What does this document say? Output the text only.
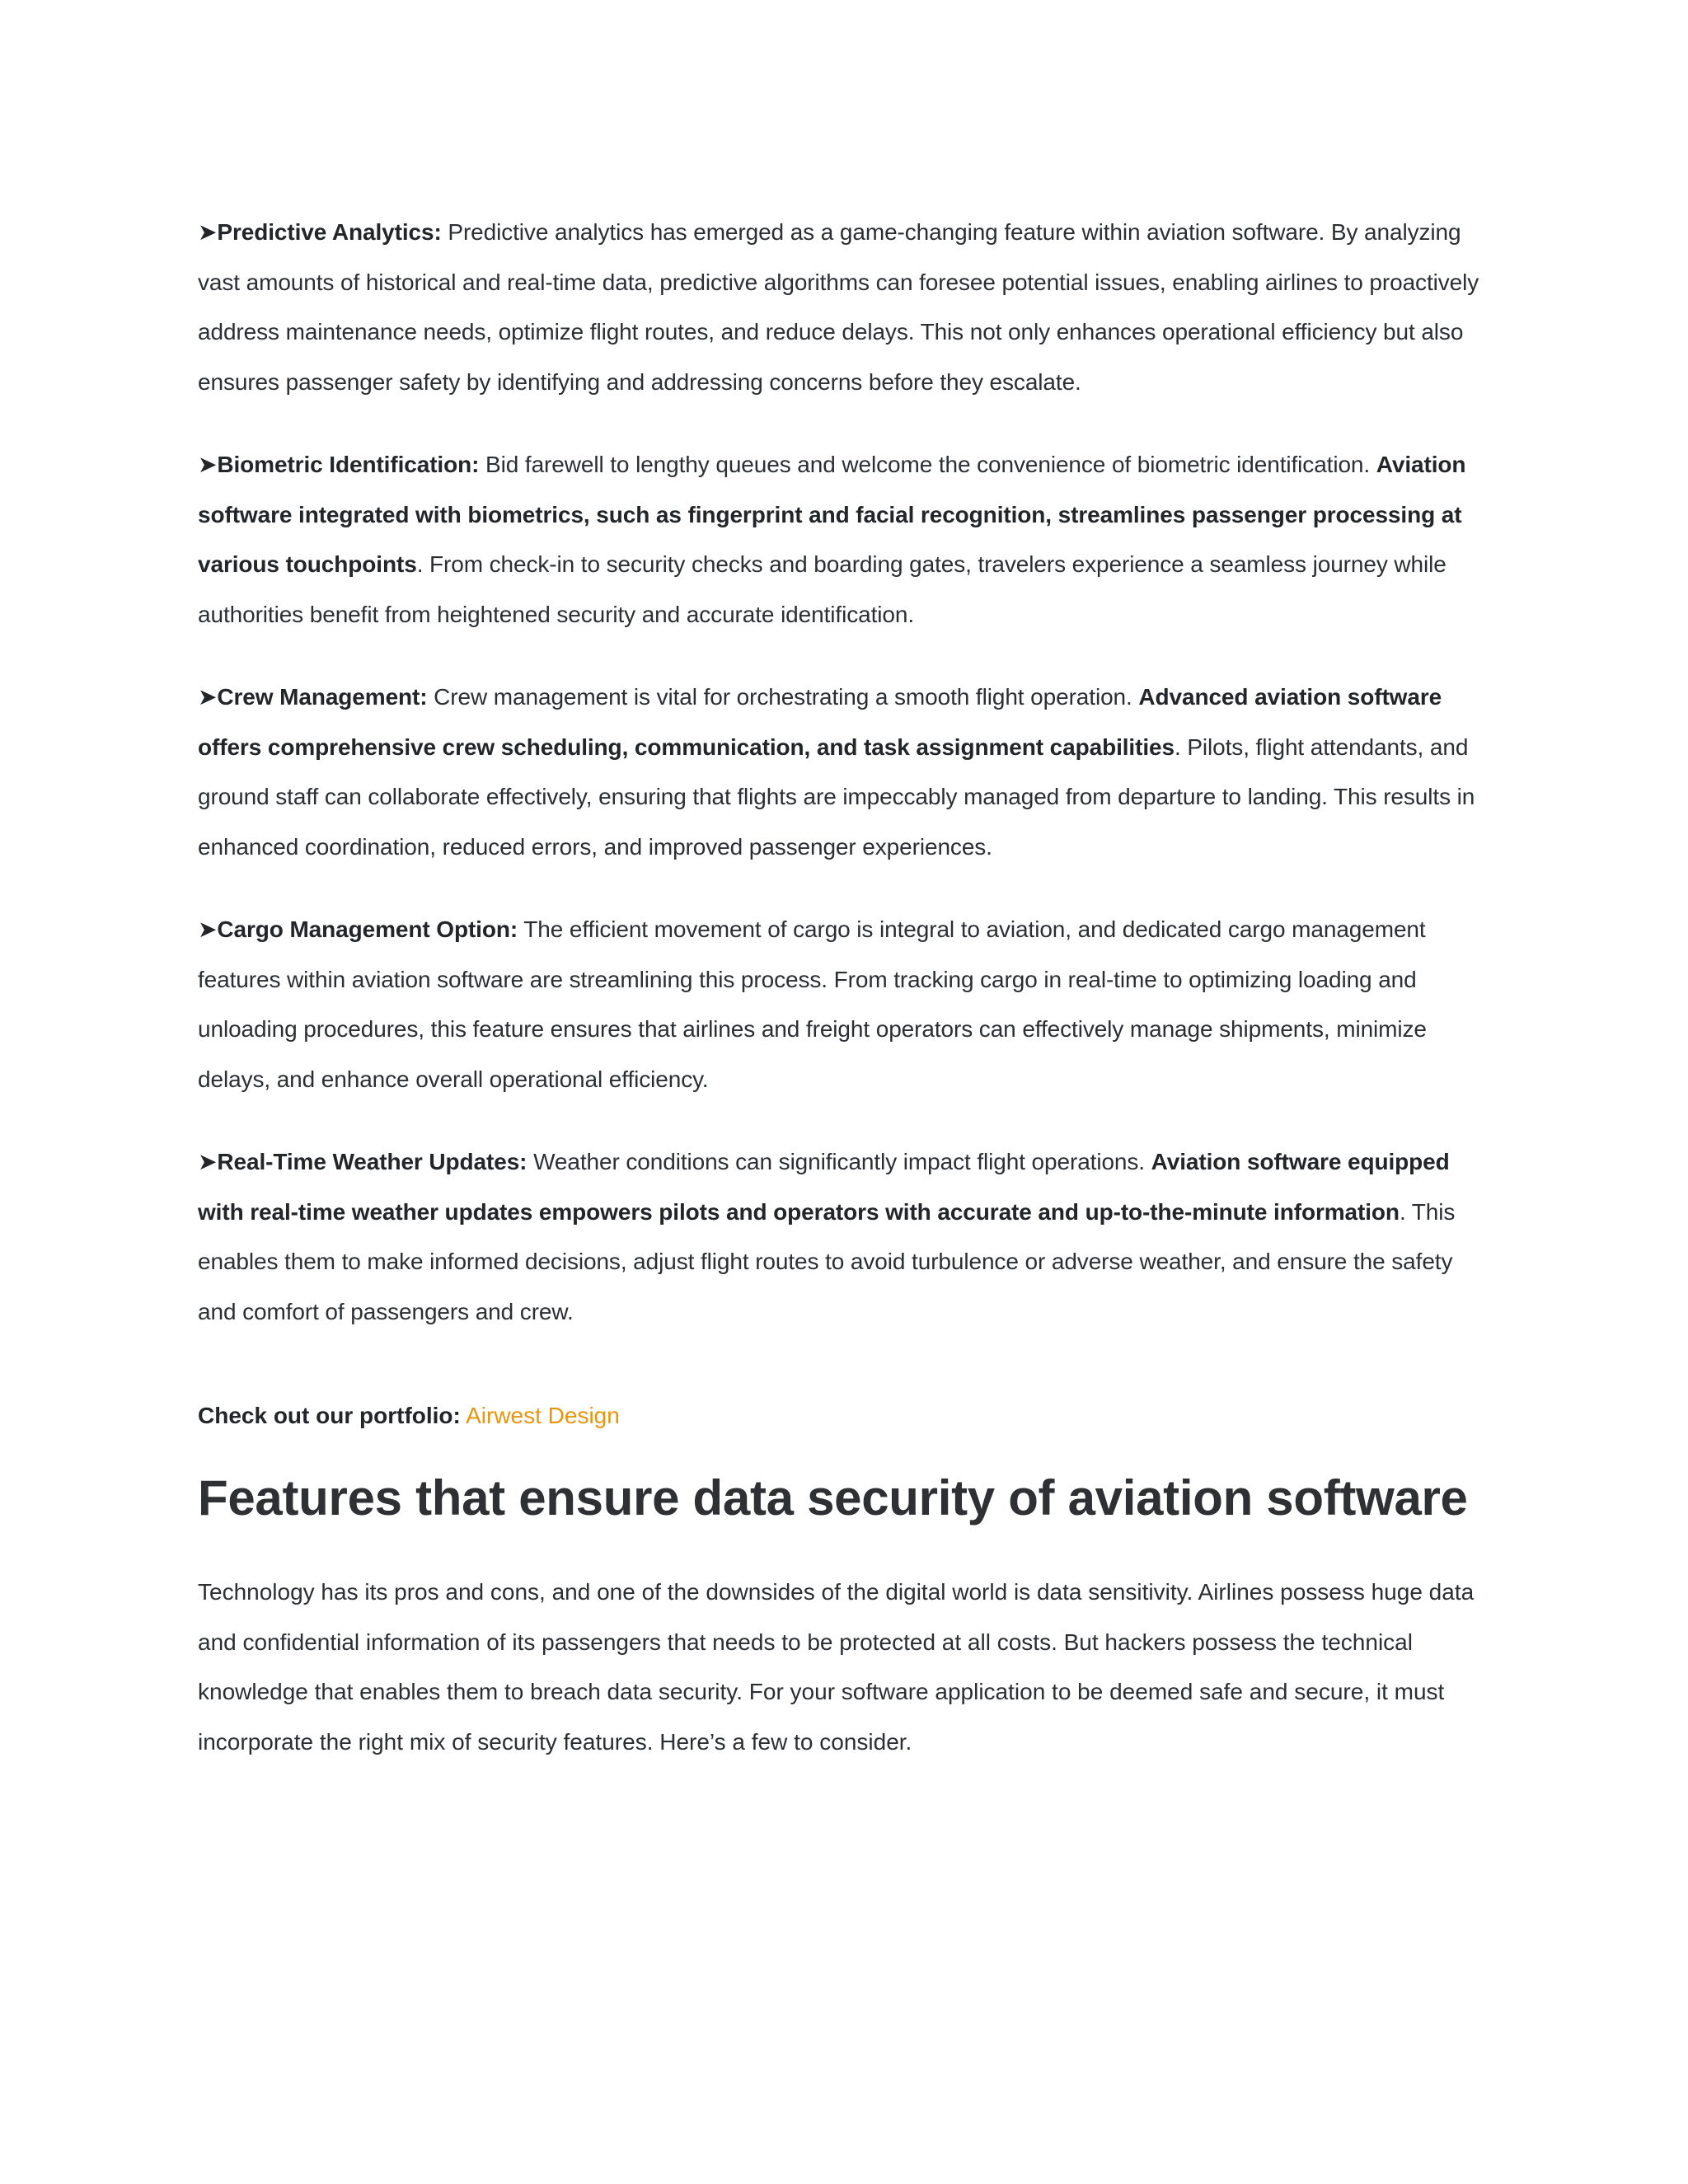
➤Predictive Analytics: Predictive analytics has emerged as a game-changing feature within aviation software. By analyzing vast amounts of historical and real-time data, predictive algorithms can foresee potential issues, enabling airlines to proactively address maintenance needs, optimize flight routes, and reduce delays. This not only enhances operational efficiency but also ensures passenger safety by identifying and addressing concerns before they escalate.

➤Biometric Identification: Bid farewell to lengthy queues and welcome the convenience of biometric identification. Aviation software integrated with biometrics, such as fingerprint and facial recognition, streamlines passenger processing at various touchpoints. From check-in to security checks and boarding gates, travelers experience a seamless journey while authorities benefit from heightened security and accurate identification.

➤Crew Management: Crew management is vital for orchestrating a smooth flight operation. Advanced aviation software offers comprehensive crew scheduling, communication, and task assignment capabilities. Pilots, flight attendants, and ground staff can collaborate effectively, ensuring that flights are impeccably managed from departure to landing. This results in enhanced coordination, reduced errors, and improved passenger experiences.

➤Cargo Management Option: The efficient movement of cargo is integral to aviation, and dedicated cargo management features within aviation software are streamlining this process. From tracking cargo in real-time to optimizing loading and unloading procedures, this feature ensures that airlines and freight operators can effectively manage shipments, minimize delays, and enhance overall operational efficiency.

➤Real-Time Weather Updates: Weather conditions can significantly impact flight operations. Aviation software equipped with real-time weather updates empowers pilots and operators with accurate and up-to-the-minute information. This enables them to make informed decisions, adjust flight routes to avoid turbulence or adverse weather, and ensure the safety and comfort of passengers and crew.

Check out our portfolio: Airwest Design

Features that ensure data security of aviation software

Technology has its pros and cons, and one of the downsides of the digital world is data sensitivity. Airlines possess huge data and confidential information of its passengers that needs to be protected at all costs. But hackers possess the technical knowledge that enables them to breach data security. For your software application to be deemed safe and secure, it must incorporate the right mix of security features. Here’s a few to consider.
